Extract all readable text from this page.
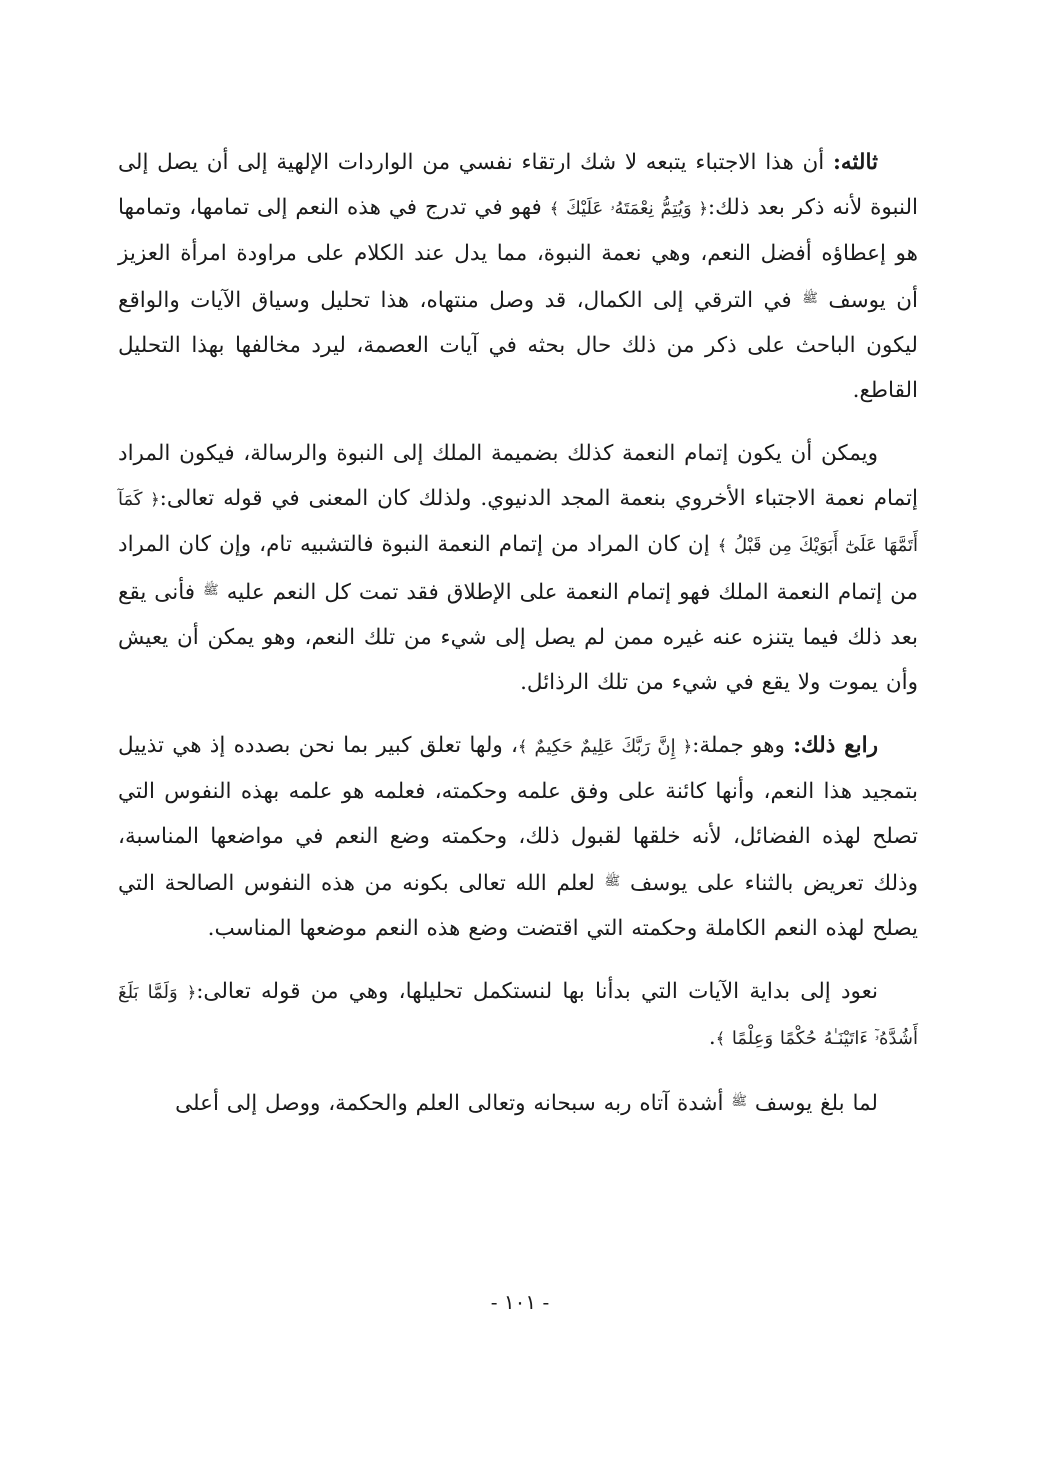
ثالثه: أن هذا الاجتباء يتبعه لا شك ارتقاء نفسي من الواردات الإلهية إلى أن يصل إلى النبوة لأنه ذكر بعد ذلك:﴿ وَيُتِمُّ نِعْمَتَهُۥ عَلَيْكَ ﴾ فهو في تدرج في هذه النعم إلى تمامها، وتمامها هو إعطاؤه أفضل النعم، وهي نعمة النبوة، مما يدل عند الكلام على مراودة امرأة العزيز أن يوسف $^ﷺ$ في الترقي إلى الكمال، قد وصل منتهاه، هذا تحليل وسياق الآيات والواقع ليكون الباحث على ذكر من ذلك حال بحثه في آيات العصمة، ليرد مخالفها بهذا التحليل القاطع.

ويمكن أن يكون إتمام النعمة كذلك بضميمة الملك إلى النبوة والرسالة، فيكون المراد إتمام نعمة الاجتباء الأخروي بنعمة المجد الدنيوي. ولذلك كان المعنى في قوله تعالى:﴿ كَمَآ أَتَمَّهَا عَلَىٰٓ أَبَوَيْكَ مِن قَبْلُ ﴾ إن كان المراد من إتمام النعمة النبوة فالتشبيه تام، وإن كان المراد من إتمام النعمة الملك فهو إتمام النعمة على الإطلاق فقد تمت كل النعم عليه $^ﷺ$ فأنى يقع بعد ذلك فيما يتنزه عنه غيره ممن لم يصل إلى شيء من تلك النعم، وهو يمكن أن يعيش وأن يموت ولا يقع في شيء من تلك الرذائل.

رابع ذلك: وهو جملة:﴿ إِنَّ رَبَّكَ عَلِيمٌ حَكِيمٌ ﴾، ولها تعلق كبير بما نحن بصدده إذ هي تذييل بتمجيد هذا النعم، وأنها كائنة على وفق علمه وحكمته، فعلمه هو علمه بهذه النفوس التي تصلح لهذه الفضائل، لأنه خلقها لقبول ذلك، وحكمته وضع النعم في مواضعها المناسبة، وذلك تعريض بالثناء على يوسف $^ﷺ$ لعلم الله تعالى بكونه من هذه النفوس الصالحة التي يصلح لهذه النعم الكاملة وحكمته التي اقتضت وضع هذه النعم موضعها المناسب.

نعود إلى بداية الآيات التي بدأنا بها لنستكمل تحليلها، وهي من قوله تعالى:﴿ وَلَمَّا بَلَغَ أَشُدَّهُۥٓ ءَاتَيْنَـٰهُ حُكْمًا وَعِلْمًا ﴾.

لما بلغ يوسف $^ﷺ$ أشدة آتاه ربه سبحانه وتعالى العلم والحكمة، ووصل إلى أعلى

- ١٠١ -
